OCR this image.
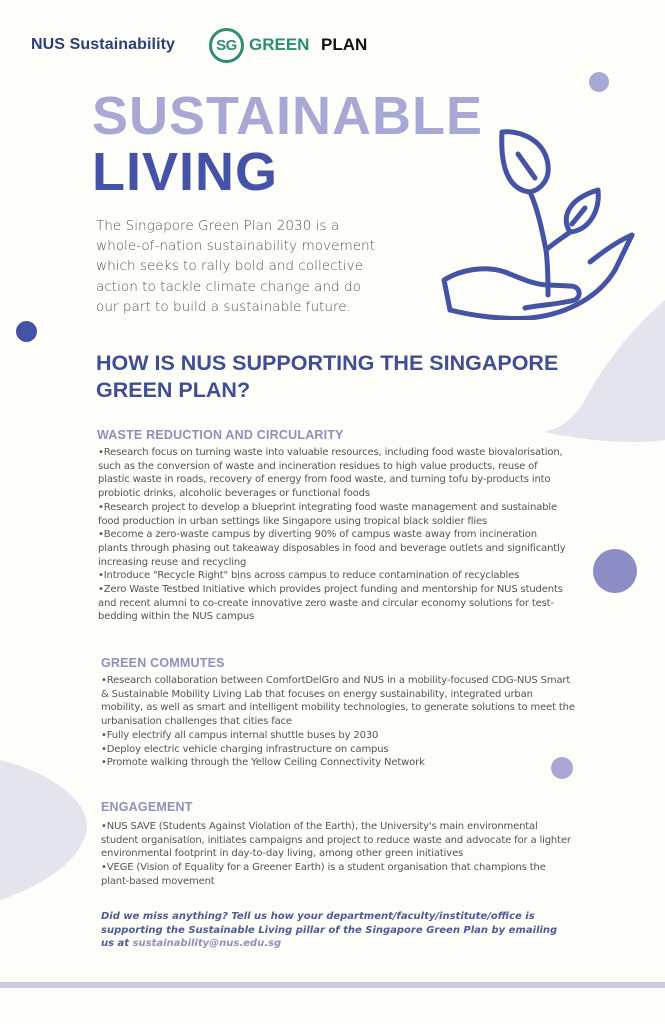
NUS Sustainability	SG GREEN PLAN
SUSTAINABLE
LIVING
The Singapore Green Plan 2030 is a whole-of-nation sustainability movement which seeks to rally bold and collective action to tackle climate change and do our part to build a sustainable future.
HOW IS NUS SUPPORTING THE SINGAPORE GREEN PLAN?
WASTE REDUCTION AND CIRCULARITY
•Research focus on turning waste into valuable resources, including food waste biovalorisation, such as the conversion of waste and incineration residues to high value products, reuse of plastic waste in roads, recovery of energy from food waste, and turning tofu by-products into probiotic drinks, alcoholic beverages or functional foods
•Research project to develop a blueprint integrating food waste management and sustainable food production in urban settings like Singapore using tropical black soldier flies
•Become a zero-waste campus by diverting 90% of campus waste away from incineration plants through phasing out takeaway disposables in food and beverage outlets and significantly increasing reuse and recycling
•Introduce "Recycle Right" bins across campus to reduce contamination of recyclables
•Zero Waste Testbed Initiative which provides project funding and mentorship for NUS students and recent alumni to co-create innovative zero waste and circular economy solutions for test-bedding within the NUS campus
GREEN COMMUTES
•Research collaboration between ComfortDelGro and NUS in a mobility-focused CDG-NUS Smart & Sustainable Mobility Living Lab that focuses on energy sustainability, integrated urban mobility, as well as smart and intelligent mobility technologies, to generate solutions to meet the urbanisation challenges that cities face
•Fully electrify all campus internal shuttle buses by 2030
•Deploy electric vehicle charging infrastructure on campus
•Promote walking through the Yellow Ceiling Connectivity Network
ENGAGEMENT
•NUS SAVE (Students Against Violation of the Earth), the University's main environmental student organisation, initiates campaigns and project to reduce waste and advocate for a lighter environmental footprint in day-to-day living, among other green initiatives
•VEGE (Vision of Equality for a Greener Earth) is a student organisation that champions the plant-based movement
Did we miss anything? Tell us how your department/faculty/institute/office is supporting the Sustainable Living pillar of the Singapore Green Plan by emailing us at sustainability@nus.edu.sg
